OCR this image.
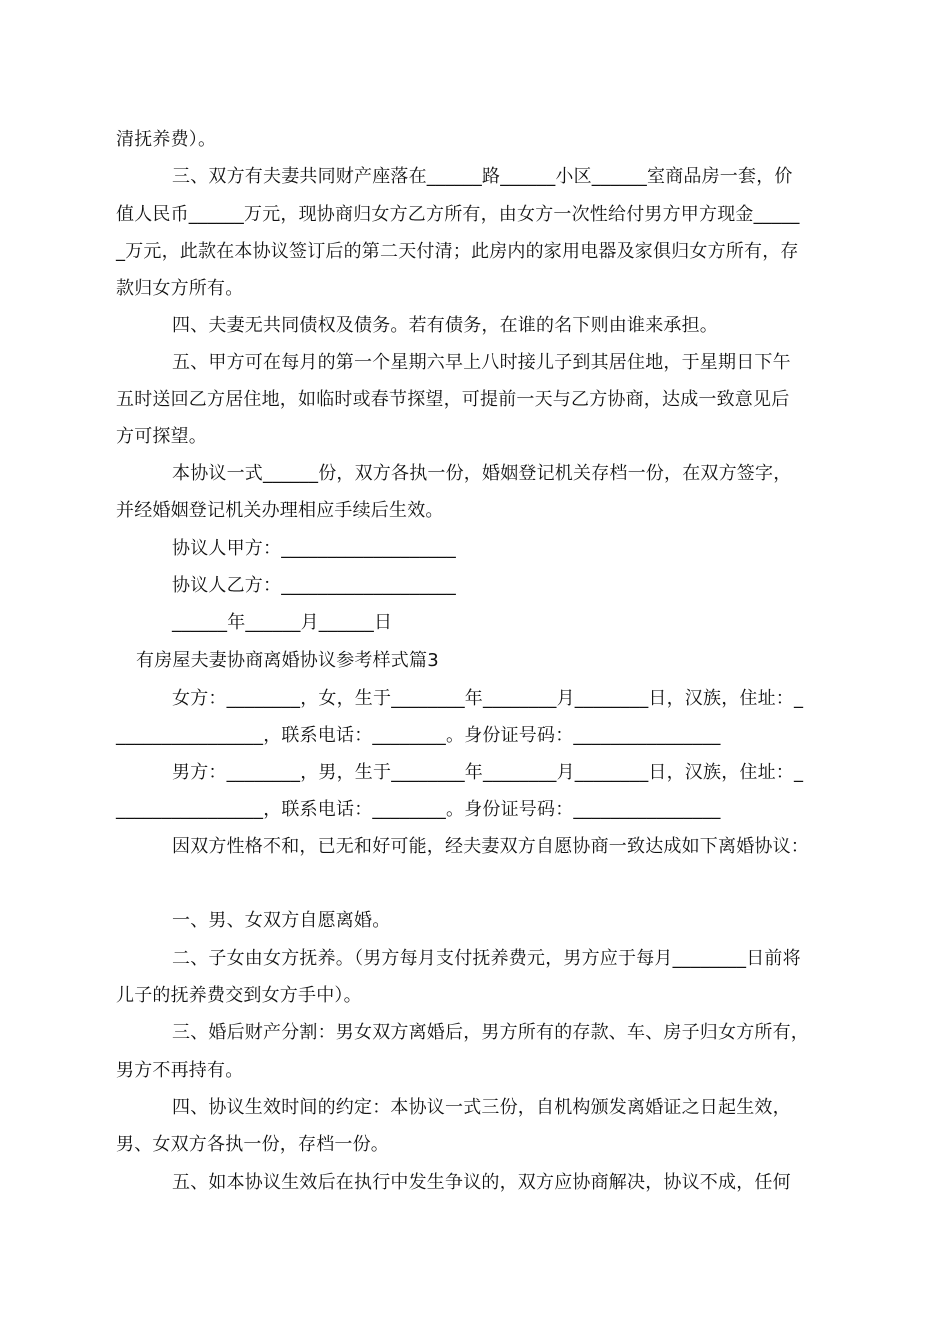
清抚养费）。
三、双方有夫妻共同财产座落在______路______小区______室商品房一套，价
值人民币______万元，现协商归女方乙方所有，由女方一次性给付男方甲方现金_____
_万元，此款在本协议签订后的第二天付清；此房内的家用电器及家俱归女方所有，存
款归女方所有。
四、夫妻无共同债权及债务。若有债务，在谁的名下则由谁来承担。
五、甲方可在每月的第一个星期六早上八时接儿子到其居住地，于星期日下午
五时送回乙方居住地，如临时或春节探望，可提前一天与乙方协商，达成一致意见后
方可探望。
本协议一式______份，双方各执一份，婚姻登记机关存档一份，在双方签字，
并经婚姻登记机关办理相应手续后生效。
协议人甲方：___________________
协议人乙方：___________________
______年______月______日
有房屋夫妻协商离婚协议参考样式篇3
女方：________，女，生于________年________月________日，汉族，住址：_
________________，联系电话：________。身份证号码：________________
男方：________，男，生于________年________月________日，汉族，住址：_
________________，联系电话：________。身份证号码：________________
因双方性格不和，已无和好可能，经夫妻双方自愿协商一致达成如下离婚协议：
一、男、女双方自愿离婚。
二、子女由女方抚养。（男方每月支付抚养费元，男方应于每月________日前将
儿子的抚养费交到女方手中）。
三、婚后财产分割：男女双方离婚后，男方所有的存款、车、房子归女方所有，
男方不再持有。
四、协议生效时间的约定：本协议一式三份，自机构颁发离婚证之日起生效，
男、女双方各执一份，存档一份。
五、如本协议生效后在执行中发生争议的，双方应协商解决，协议不成，任何
